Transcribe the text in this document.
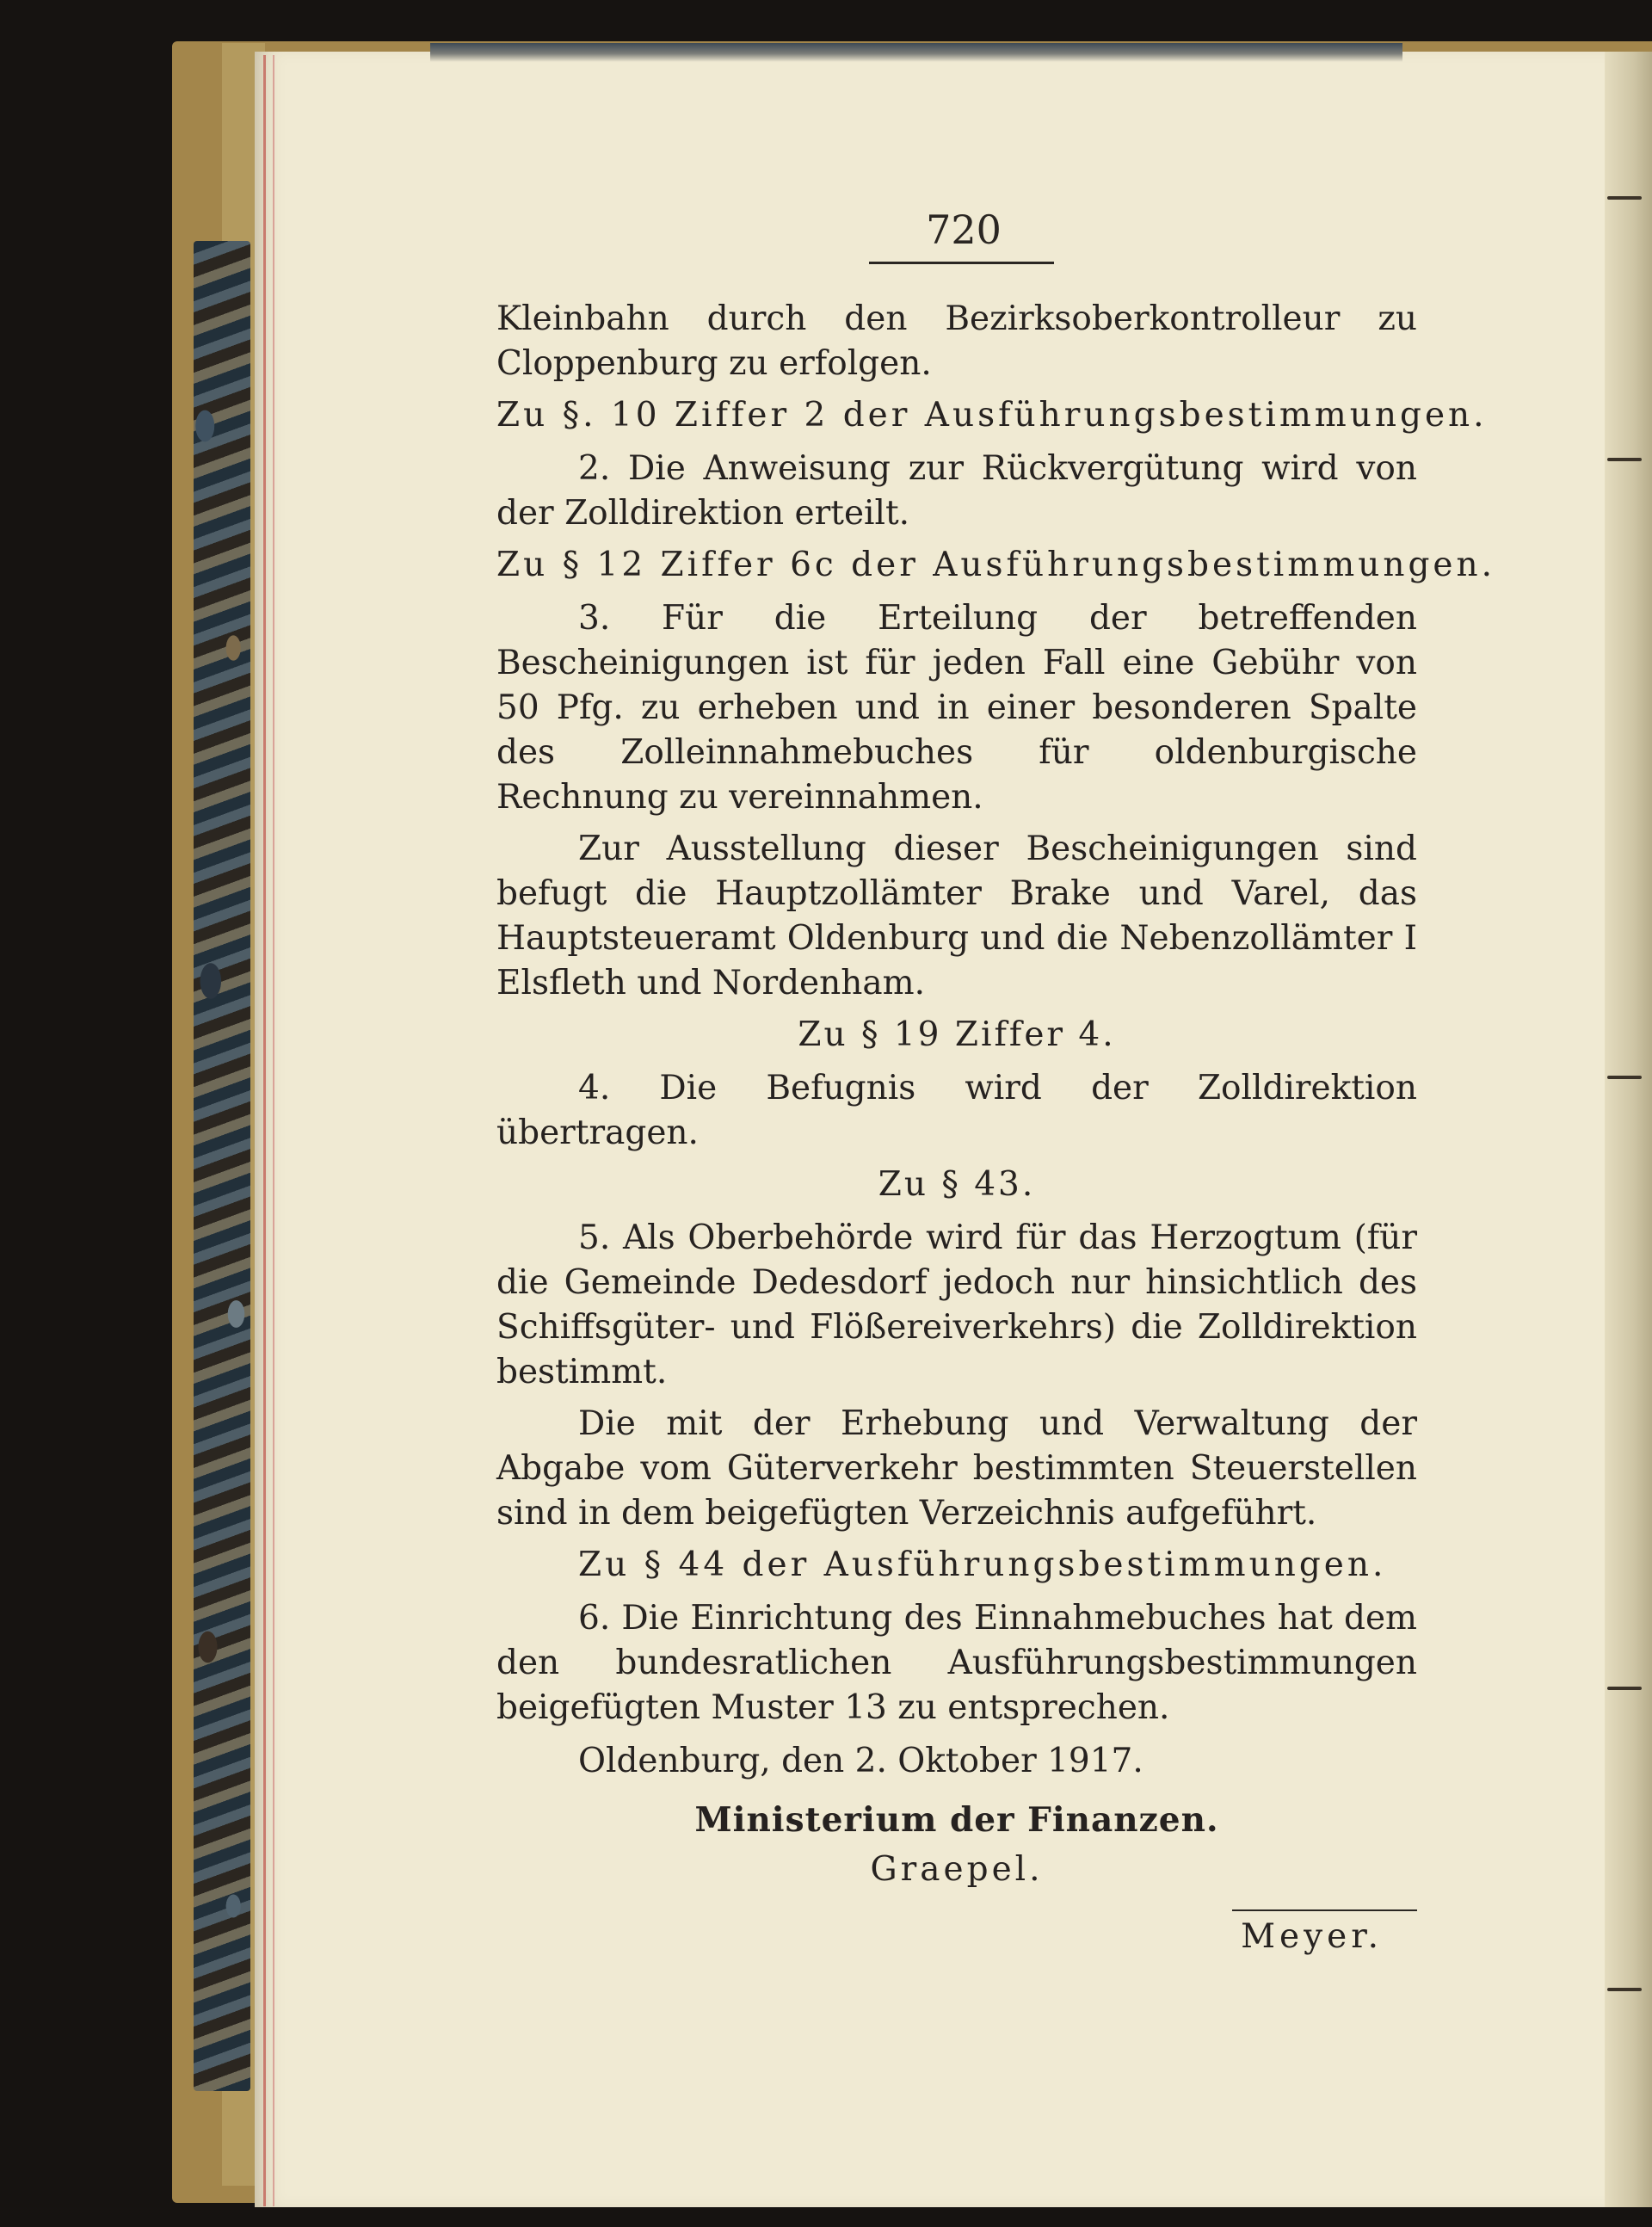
720

Kleinbahn durch den Bezirksoberkontrolleur zu Cloppenburg zu erfolgen.

Zu §. 10 Ziffer 2 der Ausführungsbestimmungen.

2. Die Anweisung zur Rückvergütung wird von der Zolldirektion erteilt.

Zu § 12 Ziffer 6c der Ausführungsbestimmungen.

3. Für die Erteilung der betreffenden Bescheinigungen ist für jeden Fall eine Gebühr von 50 Pfg. zu erheben und in einer besonderen Spalte des Zolleinnahmebuches für oldenburgische Rechnung zu vereinnahmen.

Zur Ausstellung dieser Bescheinigungen sind befugt die Hauptzollämter Brake und Varel, das Hauptsteueramt Oldenburg und die Nebenzollämter I Elsfleth und Nordenham.

Zu § 19 Ziffer 4.

4. Die Befugnis wird der Zolldirektion übertragen.

Zu § 43.

5. Als Oberbehörde wird für das Herzogtum (für die Gemeinde Dedesdorf jedoch nur hinsichtlich des Schiffsgüter- und Flößereiverkehrs) die Zolldirektion bestimmt.

Die mit der Erhebung und Verwaltung der Abgabe vom Güterverkehr bestimmten Steuerstellen sind in dem beigefügten Verzeichnis aufgeführt.

Zu § 44 der Ausführungsbestimmungen.

6. Die Einrichtung des Einnahmebuches hat dem den bundesratlichen Ausführungsbestimmungen beigefügten Muster 13 zu entsprechen.

Oldenburg, den 2. Oktober 1917.

Ministerium der Finanzen.

Graepel.

Meyer.
